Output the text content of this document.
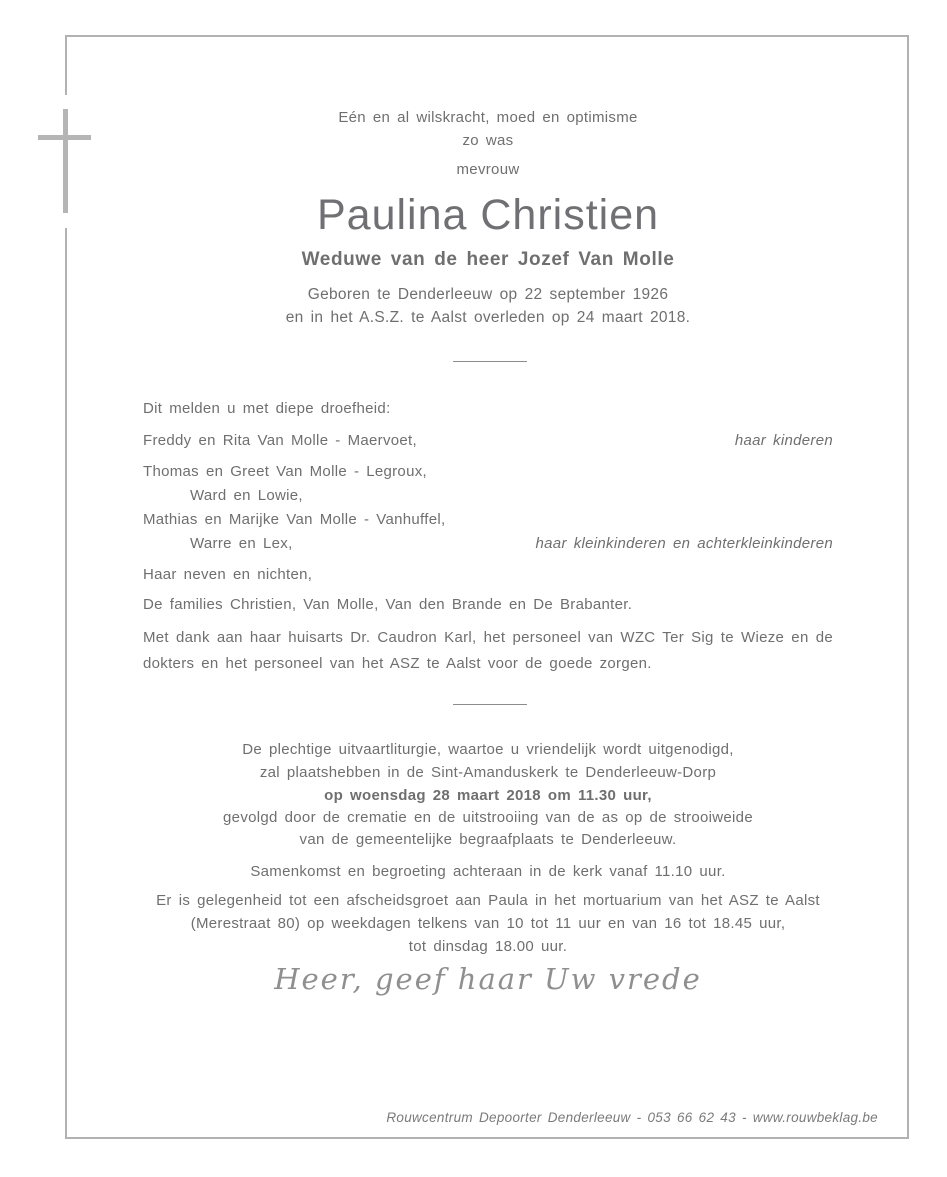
Eén en al wilskracht, moed en optimisme
zo was
mevrouw
Paulina Christien
Weduwe van de heer Jozef Van Molle
Geboren te Denderleeuw op 22 september 1926
en in het A.S.Z. te Aalst overleden op 24 maart 2018.
Dit melden u met diepe droefheid:
Freddy en Rita Van Molle - Maervoet,	haar kinderen
Thomas en Greet Van Molle - Legroux,
Ward en Lowie,
Mathias en Marijke Van Molle - Vanhuffel,
Warre en Lex,	haar kleinkinderen en achterkleinkinderen
Haar neven en nichten,
De families Christien, Van Molle, Van den Brande en De Brabanter.
Met dank aan haar huisarts Dr. Caudron Karl, het personeel van WZC Ter Sig te Wieze en de dokters en het personeel van het ASZ te Aalst voor de goede zorgen.
De plechtige uitvaartliturgie, waartoe u vriendelijk wordt uitgenodigd,
zal plaatshebben in de Sint-Amanduskerk te Denderleeuw-Dorp
op woensdag 28 maart 2018 om 11.30 uur,
gevolgd door de crematie en de uitstrooiing van de as op de strooiweide
van de gemeentelijke begraafplaats te Denderleeuw.
Samenkomst en begroeting achteraan in de kerk vanaf 11.10 uur.
Er is gelegenheid tot een afscheidsgroet aan Paula in het mortuarium van het ASZ te Aalst
(Merestraat 80) op weekdagen telkens van 10 tot 11 uur en van 16 tot 18.45 uur,
tot dinsdag 18.00 uur.
Heer, geef haar Uw vrede
Rouwcentrum Depoorter Denderleeuw - 053 66 62 43 - www.rouwbeklag.be
